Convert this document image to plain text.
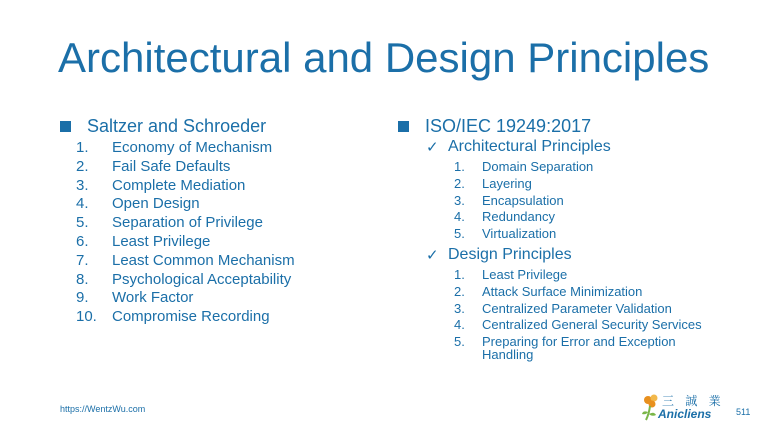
Architectural and Design Principles
Saltzer and Schroeder
1.	Economy of Mechanism
2.	Fail Safe Defaults
3.	Complete Mediation
4.	Open Design
5.	Separation of Privilege
6.	Least Privilege
7.	Least Common Mechanism
8.	Psychological Acceptability
9.	Work Factor
10.	Compromise Recording
ISO/IEC 19249:2017
✓ Architectural Principles
1.	Domain Separation
2.	Layering
3.	Encapsulation
4.	Redundancy
5.	Virtualization
✓ Design Principles
1.	Least Privilege
2.	Attack Surface Minimization
3.	Centralized Parameter Validation
4.	Centralized General Security Services
5.	Preparing for Error and Exception Handling
https://WentzWu.com
三 誠 業
Anicliens	511
